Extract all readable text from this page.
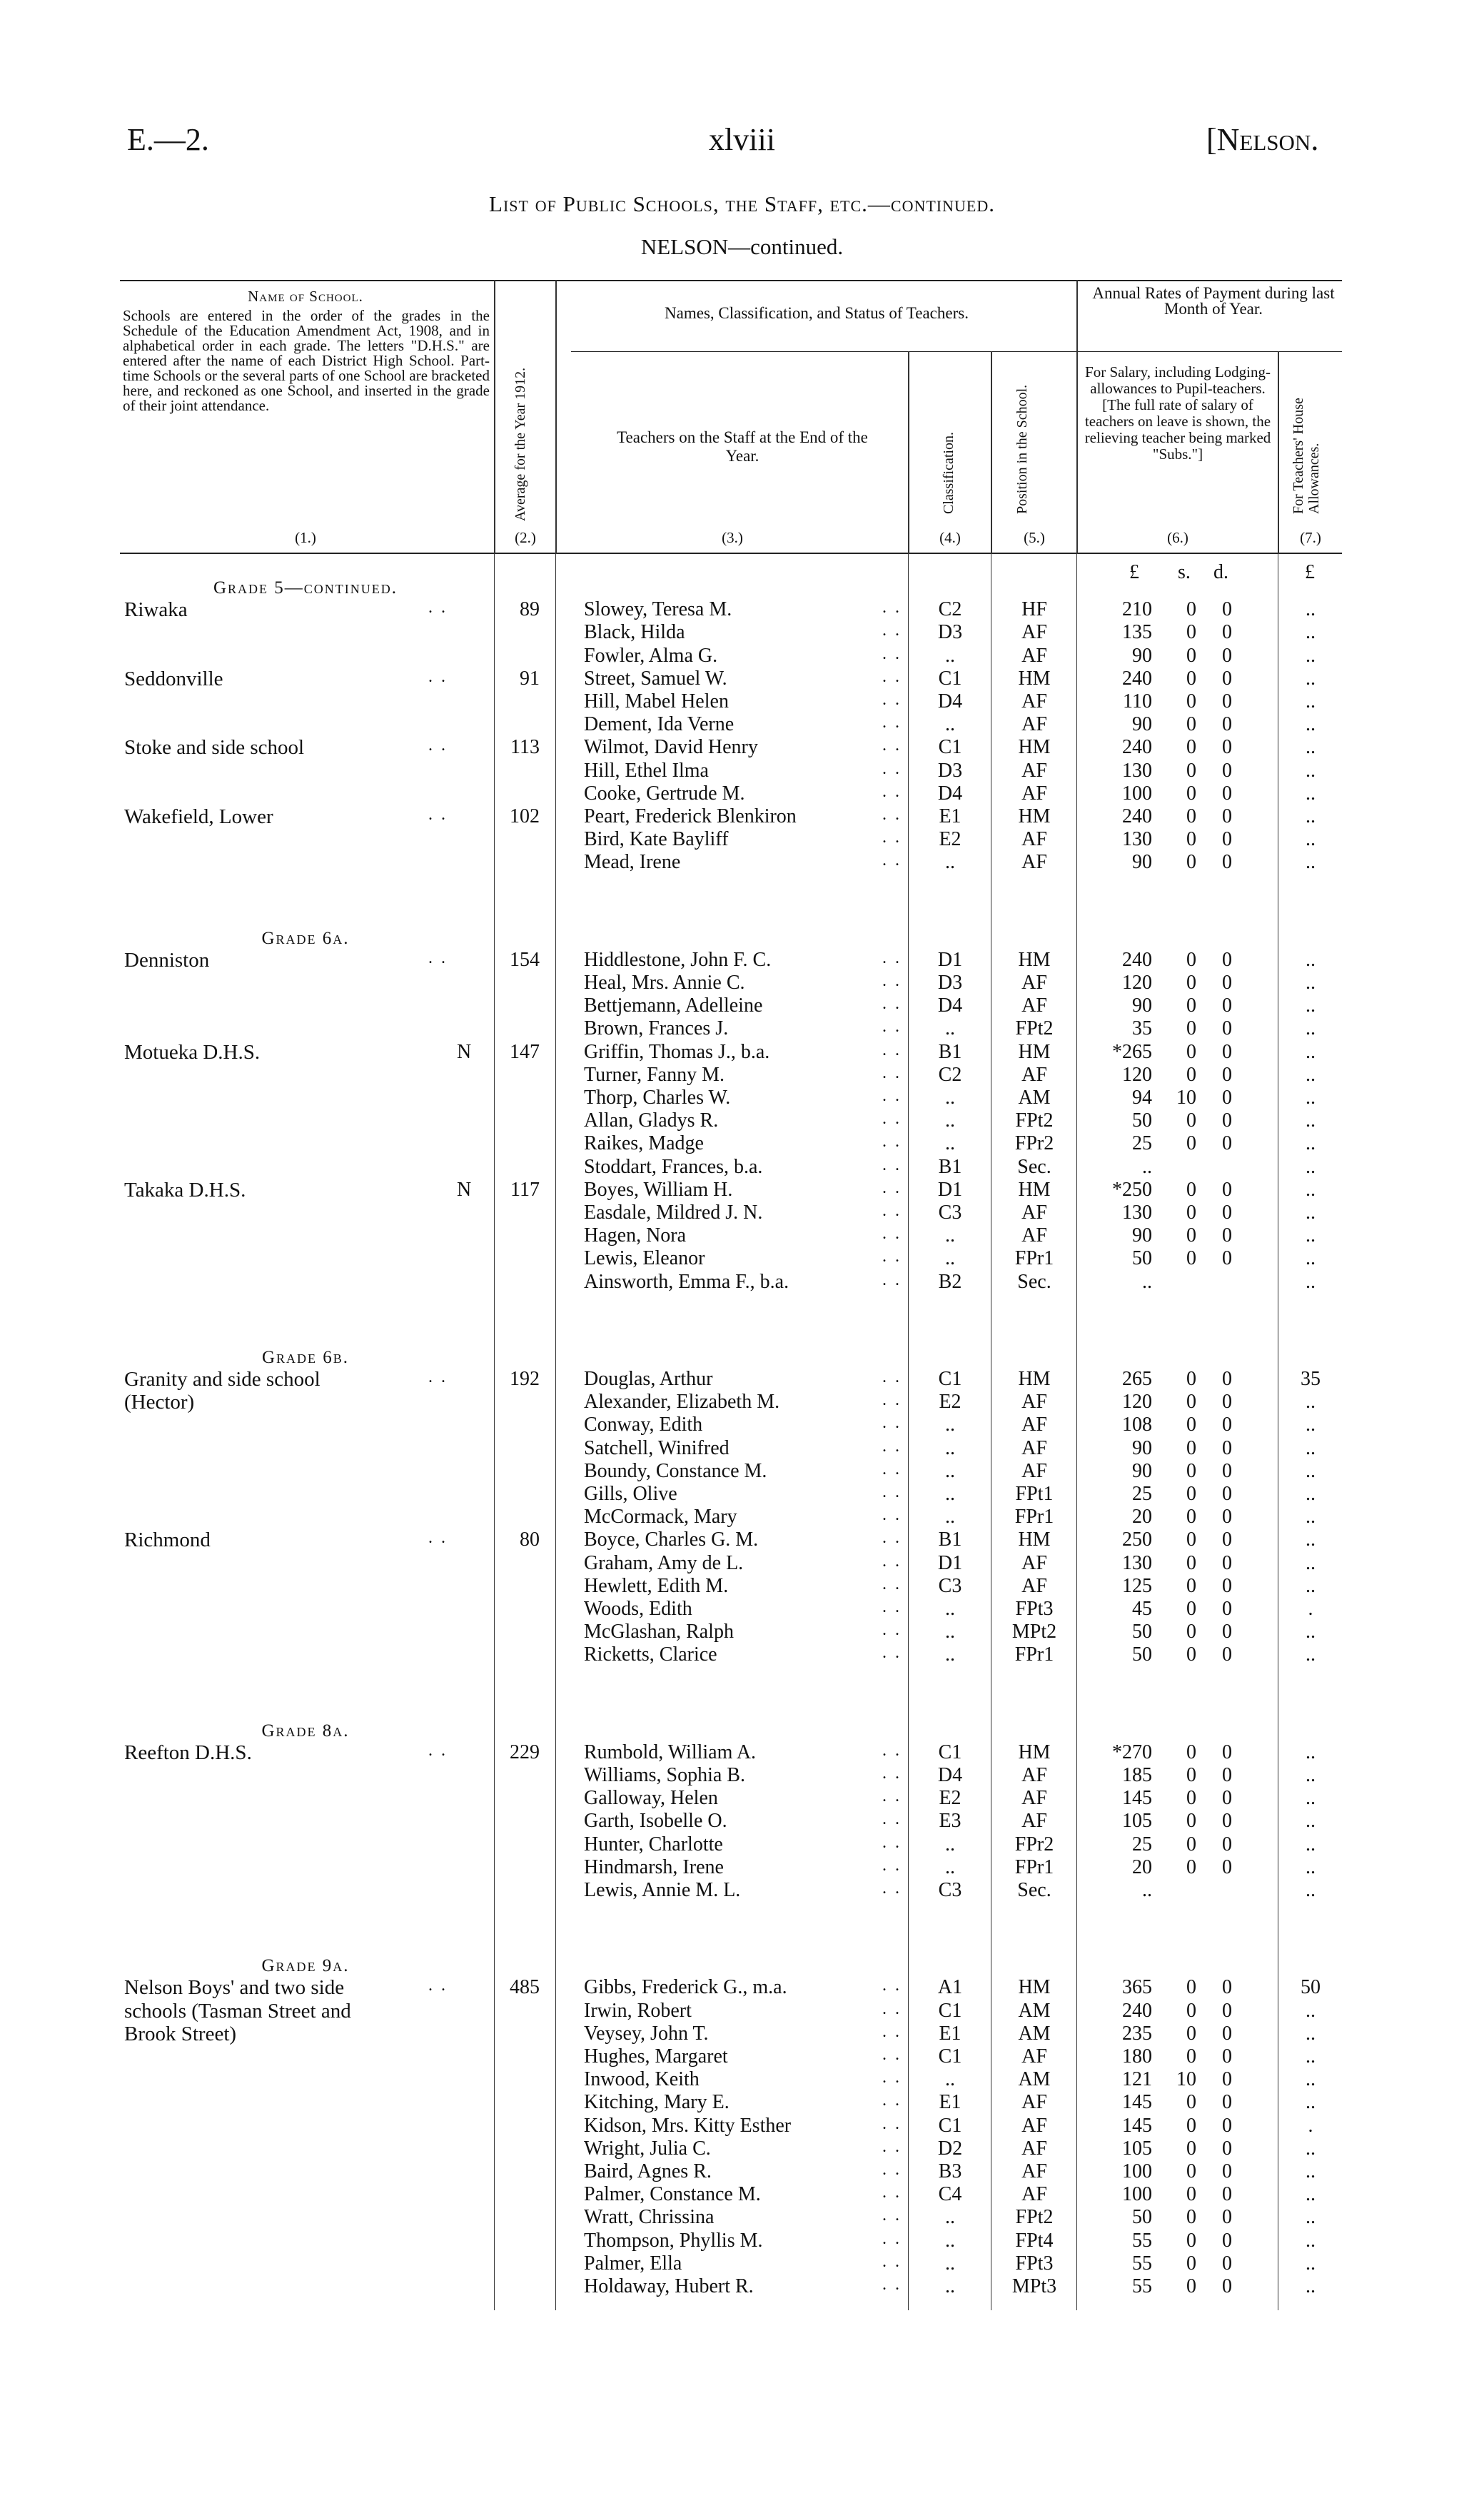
E.—2.	xlviii	[Nelson.
List of Public Schools, the Staff, etc.—continued.
NELSON—continued.
Name of School.
Schools are entered in the order of the grades in the Schedule of the Education Amendment Act, 1908, and in alphabetical order in each grade. The letters "D.H.S." are entered after the name of each District High School. Part-time Schools or the several parts of one School are bracketed here, and reckoned as one School, and inserted in the grade of their joint attendance.
(1.)
Average for the Year 1912.
(2.)
Names, Classification, and Status of Teachers.
Teachers on the Staff at the End of the Year.
(3.)
Classification.
(4.)
Position in the School.
(5.)
Annual Rates of Payment during last Month of Year.
For Salary, including Lodging-allowances to Pupil-teachers. [The full rate of salary of teachers on leave is shown, the relieving teacher being marked "Subs."]
(6.)
For Teachers' House Allowances.
(7.)
£	s. d.	£
Grade 5—continued.
Riwaka	. .	89 Slowey, Teresa M.	. .	C2	HF	210	0	0	..
Black, Hilda	. .	D3	AF	135	0	0	..
Fowler, Alma G.	. .	..	AF	90	0	0	..
Seddonville	. .	91 Street, Samuel W.	. .	C1	HM	240	0	0	..
Hill, Mabel Helen	. .	D4	AF	110	0	0	..
Dement, Ida Verne	. .	..	AF	90	0	0	..
Stoke and side school	. .	113 Wilmot, David Henry	. .	C1	HM	240	0	0	..
Hill, Ethel Ilma	. .	D3	AF	130	0	0	..
Cooke, Gertrude M.	. .	D4	AF	100	0	0	..
Wakefield, Lower	. .	102 Peart, Frederick Blenkiron	. .	E1	HM	240	0	0	..
Bird, Kate Bayliff	. .	E2	AF	130	0	0	..
Mead, Irene	. .	..	AF	90	0	0	..
Grade 6a.
Denniston	. .	154 Hiddlestone, John F. C.	. .	D1	HM	240	0	0	..
Heal, Mrs. Annie C.	. .	D3	AF	120	0	0	..
Bettjemann, Adelleine	. .	D4	AF	90	0	0	..
Brown, Frances J.	. .	..	FPt2	35	0	0	..
Motueka D.H.S.	N	147 Griffin, Thomas J., b.a.	. .	B1	HM	*265	0	0	..
Turner, Fanny M.	. .	C2	AF	120	0	0	..
Thorp, Charles W.	. .	..	AM	94	10	0	..
Allan, Gladys R.	. .	..	FPt2	50	0	0	..
Raikes, Madge	. .	..	FPr2	25	0	0	..
Stoddart, Frances, b.a.	. .	B1	Sec.	..	..
Takaka D.H.S.	N	117 Boyes, William H.	. .	D1	HM	*250	0	0	..
Easdale, Mildred J. N.	. .	C3	AF	130	0	0	..
Hagen, Nora	. .	..	AF	90	0	0	..
Lewis, Eleanor	. .	..	FPr1	50	0	0	..
Ainsworth, Emma F., b.a.	. .	B2	Sec.	..	..
Grade 6b.
Granity and side school	. .	192 Douglas, Arthur	. .	C1	HM	265	0	0	35
(Hector)	Alexander, Elizabeth M.	. .	E2	AF	120	0	0	..
Conway, Edith	. .	..	AF	108	0	0	..
Satchell, Winifred	. .	..	AF	90	0	0	..
Boundy, Constance M.	. .	..	AF	90	0	0	..
Gills, Olive	. .	..	FPt1	25	0	0	..
McCormack, Mary	. .	..	FPr1	20	0	0	..
Richmond	. .	80 Boyce, Charles G. M.	. .	B1	HM	250	0	0	..
Graham, Amy de L.	. .	D1	AF	130	0	0	..
Hewlett, Edith M.	. .	C3	AF	125	0	0	..
Woods, Edith	. .	..	FPt3	45	0	0	.
McGlashan, Ralph	. .	..	MPt2	50	0	0	..
Ricketts, Clarice	. .	..	FPr1	50	0	0	..
Grade 8a.
Reefton D.H.S.	. .	229 Rumbold, William A.	. .	C1	HM	*270	0	0	..
Williams, Sophia B.	. .	D4	AF	185	0	0	..
Galloway, Helen	. .	E2	AF	145	0	0	..
Garth, Isobelle O.	. .	E3	AF	105	0	0	..
Hunter, Charlotte	. .	..	FPr2	25	0	0	..
Hindmarsh, Irene	. .	..	FPr1	20	0	0	..
Lewis, Annie M. L.	. .	C3	Sec.	..	..
Grade 9a.
Nelson Boys' and two side	. .	485 Gibbs, Frederick G., m.a.	. .	A1	HM	365	0	0	50
schools (Tasman Street and	Irwin, Robert	. .	C1	AM	240	0	0	..
Brook Street)	Veysey, John T.	. .	E1	AM	235	0	0	..
Hughes, Margaret	. .	C1	AF	180	0	0	..
Inwood, Keith	. .	..	AM	121	10	0	..
Kitching, Mary E.	. .	E1	AF	145	0	0	..
Kidson, Mrs. Kitty Esther	. .	C1	AF	145	0	0	.
Wright, Julia C.	. .	D2	AF	105	0	0	..
Baird, Agnes R.	. .	B3	AF	100	0	0	..
Palmer, Constance M.	. .	C4	AF	100	0	0	..
Wratt, Chrissina	. .	..	FPt2	50	0	0	..
Thompson, Phyllis M.	. .	..	FPt4	55	0	0	..
Palmer, Ella	. .	..	FPt3	55	0	0	..
Holdaway, Hubert R.	. .	..	MPt3	55	0	0	..
